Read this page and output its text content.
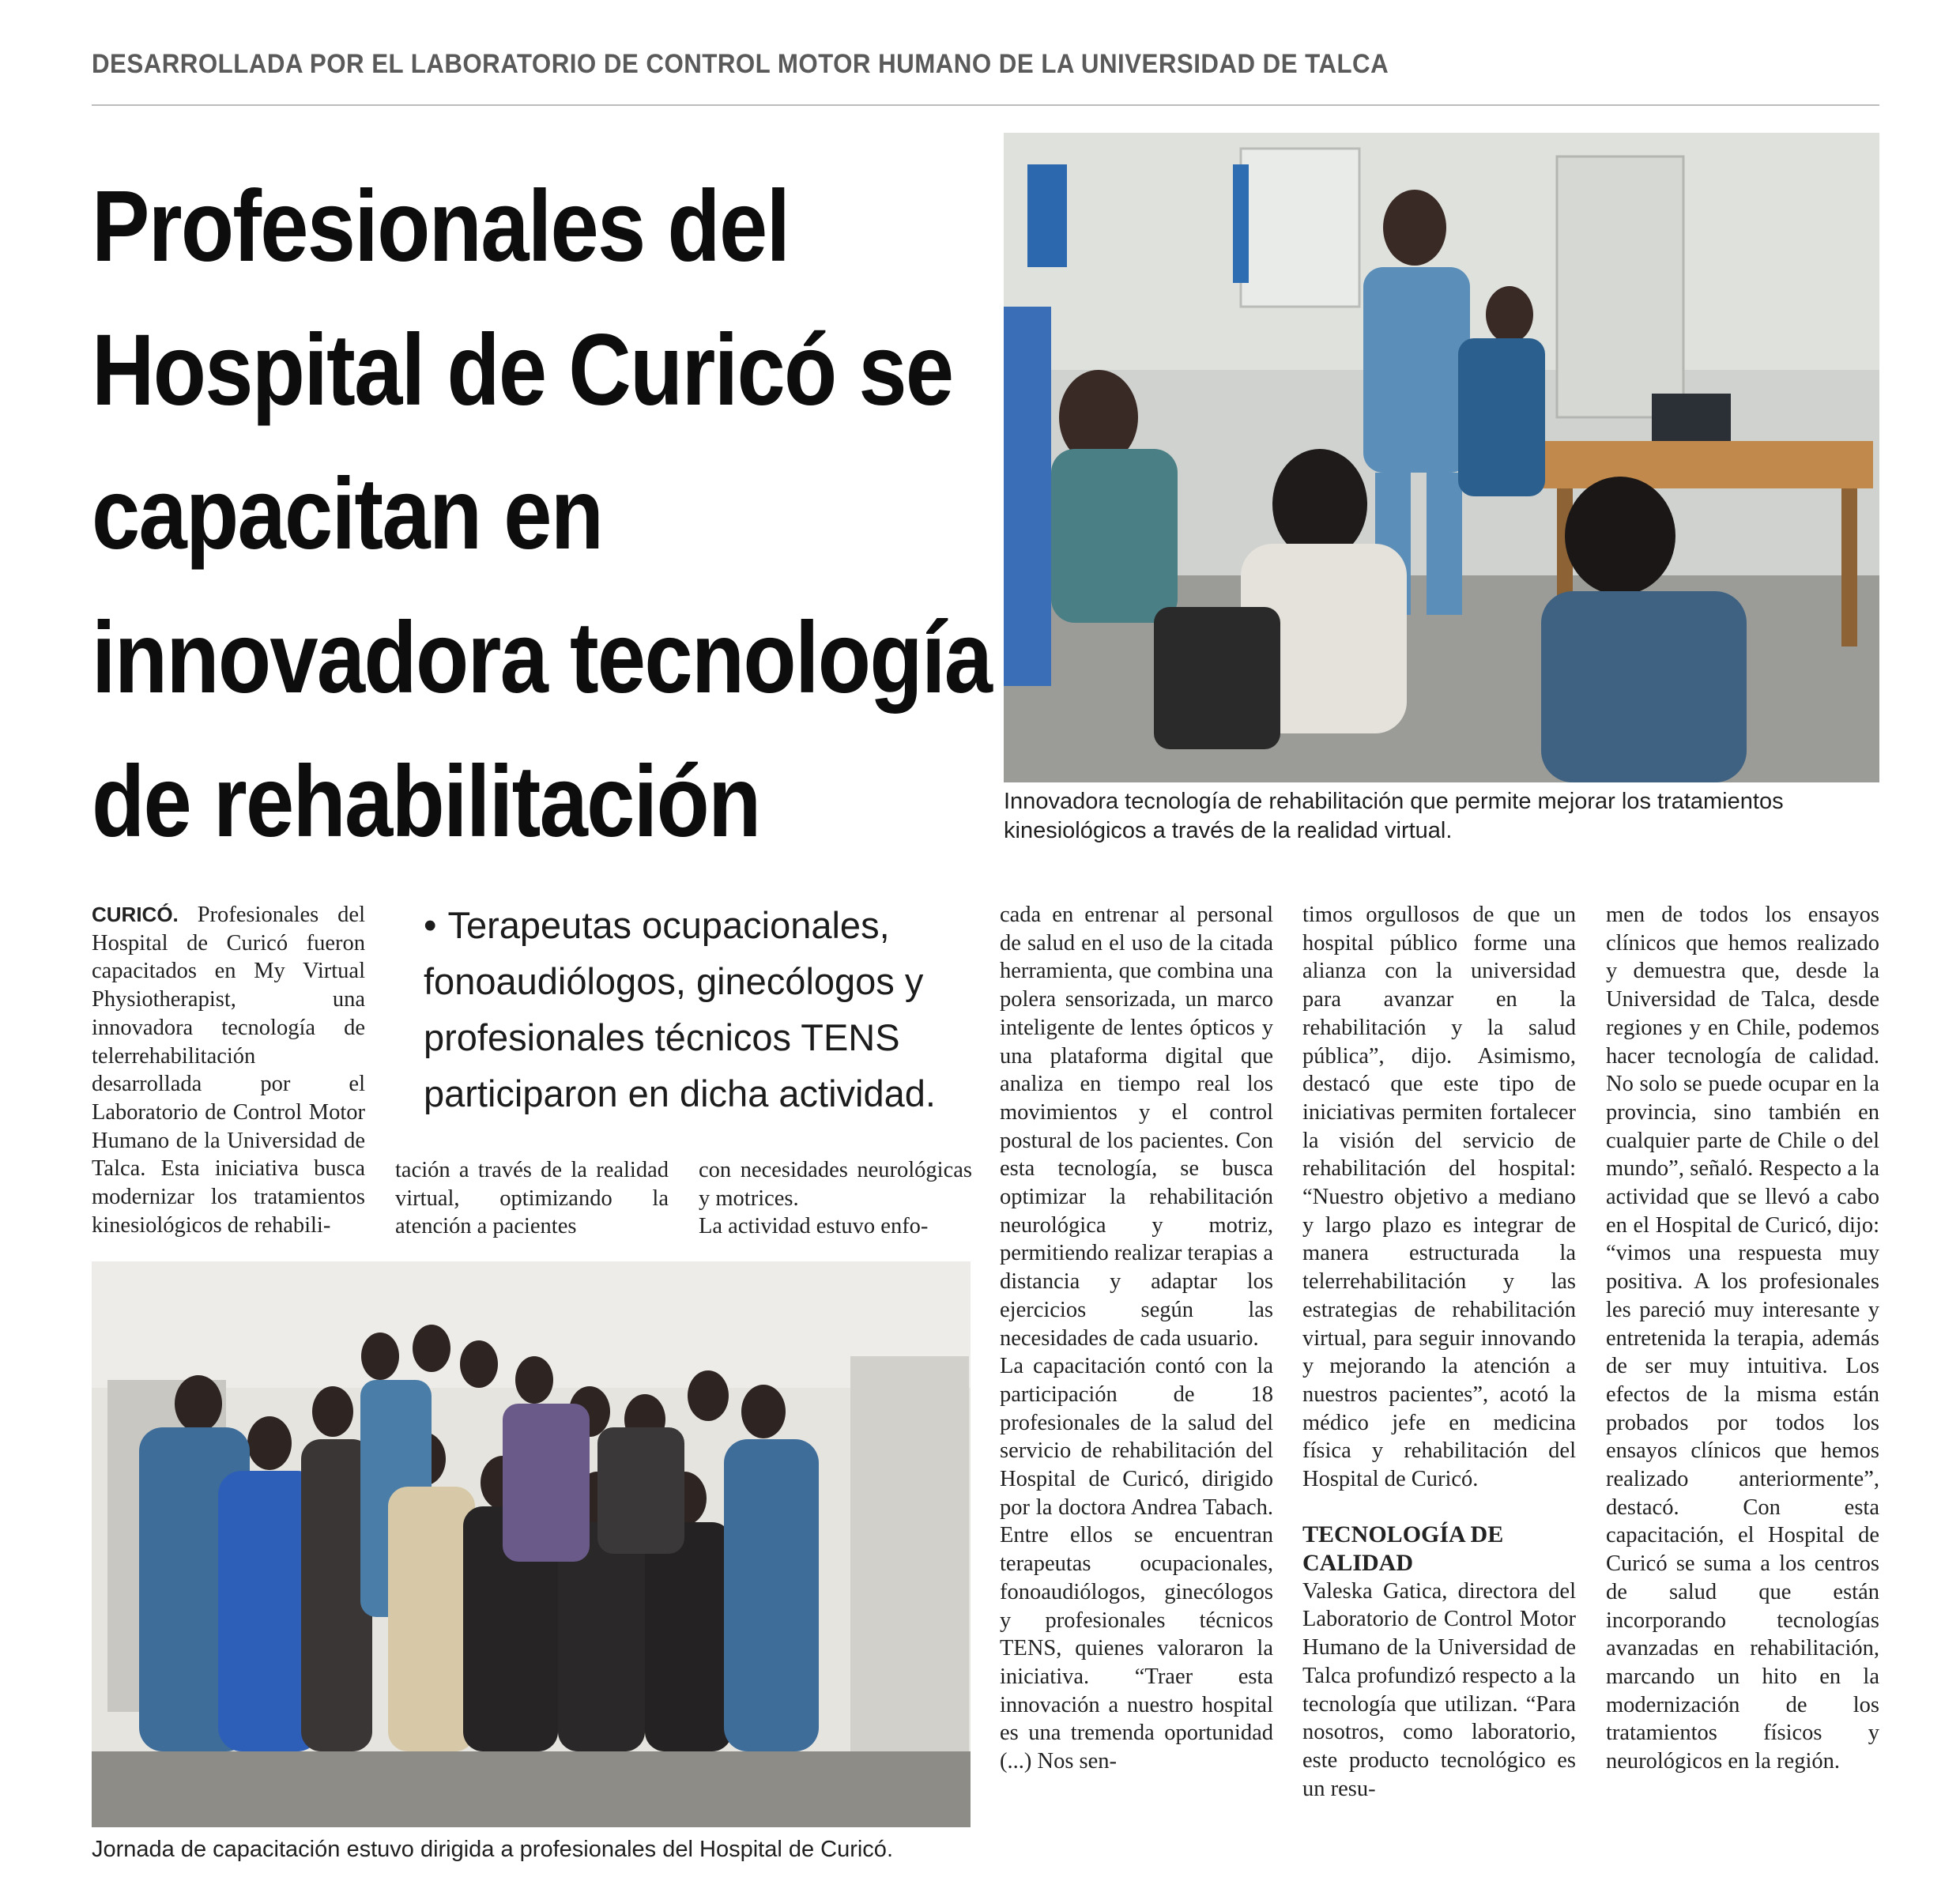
DESARROLLADA POR EL LABORATORIO DE CONTROL MOTOR HUMANO DE LA UNIVERSIDAD DE TALCA
Profesionales del
Hospital de Curicó se
capacitan en
innovadora tecnología
de rehabilitación	Innovadora tecnología de rehabilitación que permite mejorar los tratamientos kinesiológicos a través de la realidad virtual.
• Terapeutas ocupacionales, fonoaudiólogos, ginecólogos y profesionales técnicos TENS participaron en dicha actividad.
CURICÓ. Profesionales del Hospital de Curicó fueron capacitados en My Virtual Physiotherapist, una innovadora tecnología de telerrehabilitación desarrollada por el Laboratorio de Control Motor Humano de la Universidad de Talca. Esta iniciativa busca modernizar los tratamientos kinesiológicos de rehabili-

tación a través de la realidad virtual, optimizando la atención a pacientes

con necesidades neurológicas y motrices.

La actividad estuvo enfo-

cada en entrenar al personal de salud en el uso de la citada herramienta, que combina una polera sensorizada, un marco inteligente de lentes ópticos y una plataforma digital que analiza en tiempo real los movimientos y el control postural de los pacientes. Con esta tecnología, se busca optimizar la rehabilitación neurológica y motriz, permitiendo realizar terapias a distancia y adaptar los ejercicios según las necesidades de cada usuario.

La capacitación contó con la participación de 18 profesionales de la salud del servicio de rehabilitación del Hospital de Curicó, dirigido por la doctora Andrea Tabach. Entre ellos se encuentran terapeutas ocupacionales, fonoaudiólogos, ginecólogos y profesionales técnicos TENS, quienes valoraron la iniciativa. “Traer esta innovación a nuestro hospital es una tremenda oportunidad (...) Nos sen-

timos orgullosos de que un hospital público forme una alianza con la universidad para avanzar en la rehabilitación y la salud pública”, dijo. Asimismo, destacó que este tipo de iniciativas permiten fortalecer la visión del servicio de rehabilitación del hospital: “Nuestro objetivo a mediano y largo plazo es integrar de manera estructurada la telerrehabilitación y las estrategias de rehabilitación virtual, para seguir innovando y mejorando la atención a nuestros pacientes”, acotó la médico jefe en medicina física y rehabilitación del Hospital de Curicó.

TECNOLOGÍA DE CALIDAD

Valeska Gatica, directora del Laboratorio de Control Motor Humano de la Universidad de Talca profundizó respecto a la tecnología que utilizan. “Para nosotros, como laboratorio, este producto tecnológico es un resu-

men de todos los ensayos clínicos que hemos realizado y demuestra que, desde la Universidad de Talca, desde regiones y en Chile, podemos hacer tecnología de calidad. No solo se puede ocupar en la provincia, sino también en cualquier parte de Chile o del mundo”, señaló. Respecto a la actividad que se llevó a cabo en el Hospital de Curicó, dijo: “vimos una respuesta muy positiva. A los profesionales les pareció muy interesante y entretenida la terapia, además de ser muy intuitiva. Los efectos de la misma están probados por todos los ensayos clínicos que hemos realizado anteriormente”, destacó. Con esta capacitación, el Hospital de Curicó se suma a los centros de salud que están incorporando tecnologías avanzadas en rehabilitación, marcando un hito en la modernización de los tratamientos físicos y neurológicos en la región.

Jornada de capacitación estuvo dirigida a profesionales del Hospital de Curicó.
